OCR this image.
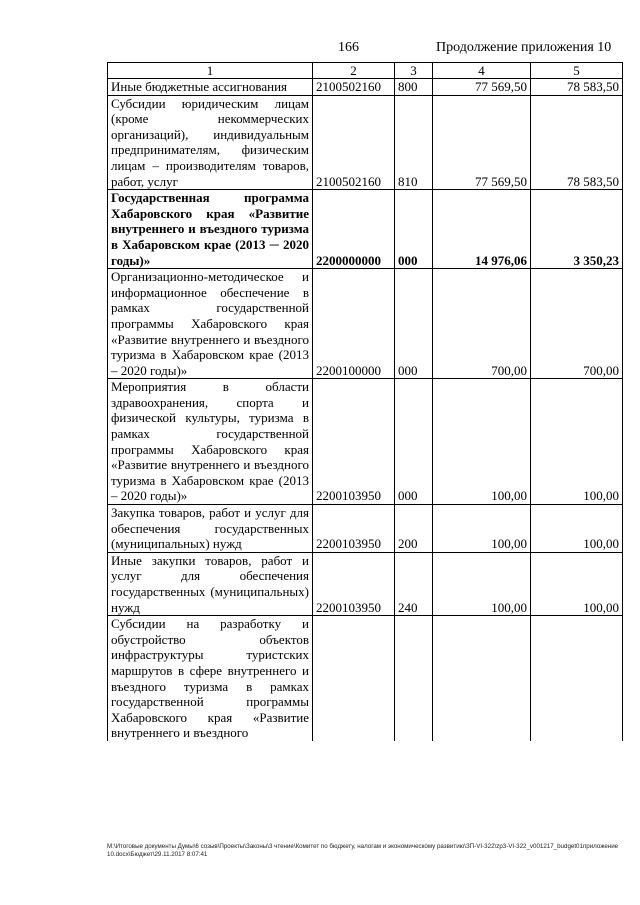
166	Продолжение приложения 10
1	2	3	4	5
Иные бюджетные ассигнования	2100502160	800	77 569,50	78 583,50
Субсидии юридическим лицам (кроме некоммерческих организаций), индивидуальным предпринимателям, физическим лицам – производителям товаров, работ, услуг	2100502160	810	77 569,50	78 583,50
Государственная программа Хабаровского края «Развитие внутреннего и въездного туризма в Хабаровском крае (2013 ─ 2020 годы)»	2200000000	000	14 976,06	3 350,23
Организационно-методическое и информационное обеспечение в рамках государственной программы Хабаровского края «Развитие внутреннего и въездного туризма в Хабаровском крае (2013 – 2020 годы)»	2200100000	000	700,00	700,00
Мероприятия в области здравоохранения, спорта и физической культуры, туризма в рамках государственной программы Хабаровского края «Развитие внутреннего и въездного туризма в Хабаровском крае (2013 – 2020 годы)»	2200103950	000	100,00	100,00
Закупка товаров, работ и услуг для обеспечения государственных (муниципальных) нужд	2200103950	200	100,00	100,00
Иные закупки товаров, работ и услуг для обеспечения государственных (муниципальных) нужд	2200103950	240	100,00	100,00
Субсидии на разработку и обустройство объектов инфраструктуры туристских маршрутов в сфере внутреннего и въездного туризма в рамках государственной программы Хабаровского края «Развитие внутреннего и въездного				
М:\Итоговые документы Думы\6 созыв\Проекты\Законы\3 чтение\Комитет по бюджету, налогам и экономическому развитию\ЗП-VI-322\zp3-VI-322_v001217_budget01приложение 10.docx\Бюджет\29.11.2017 8:07:41
